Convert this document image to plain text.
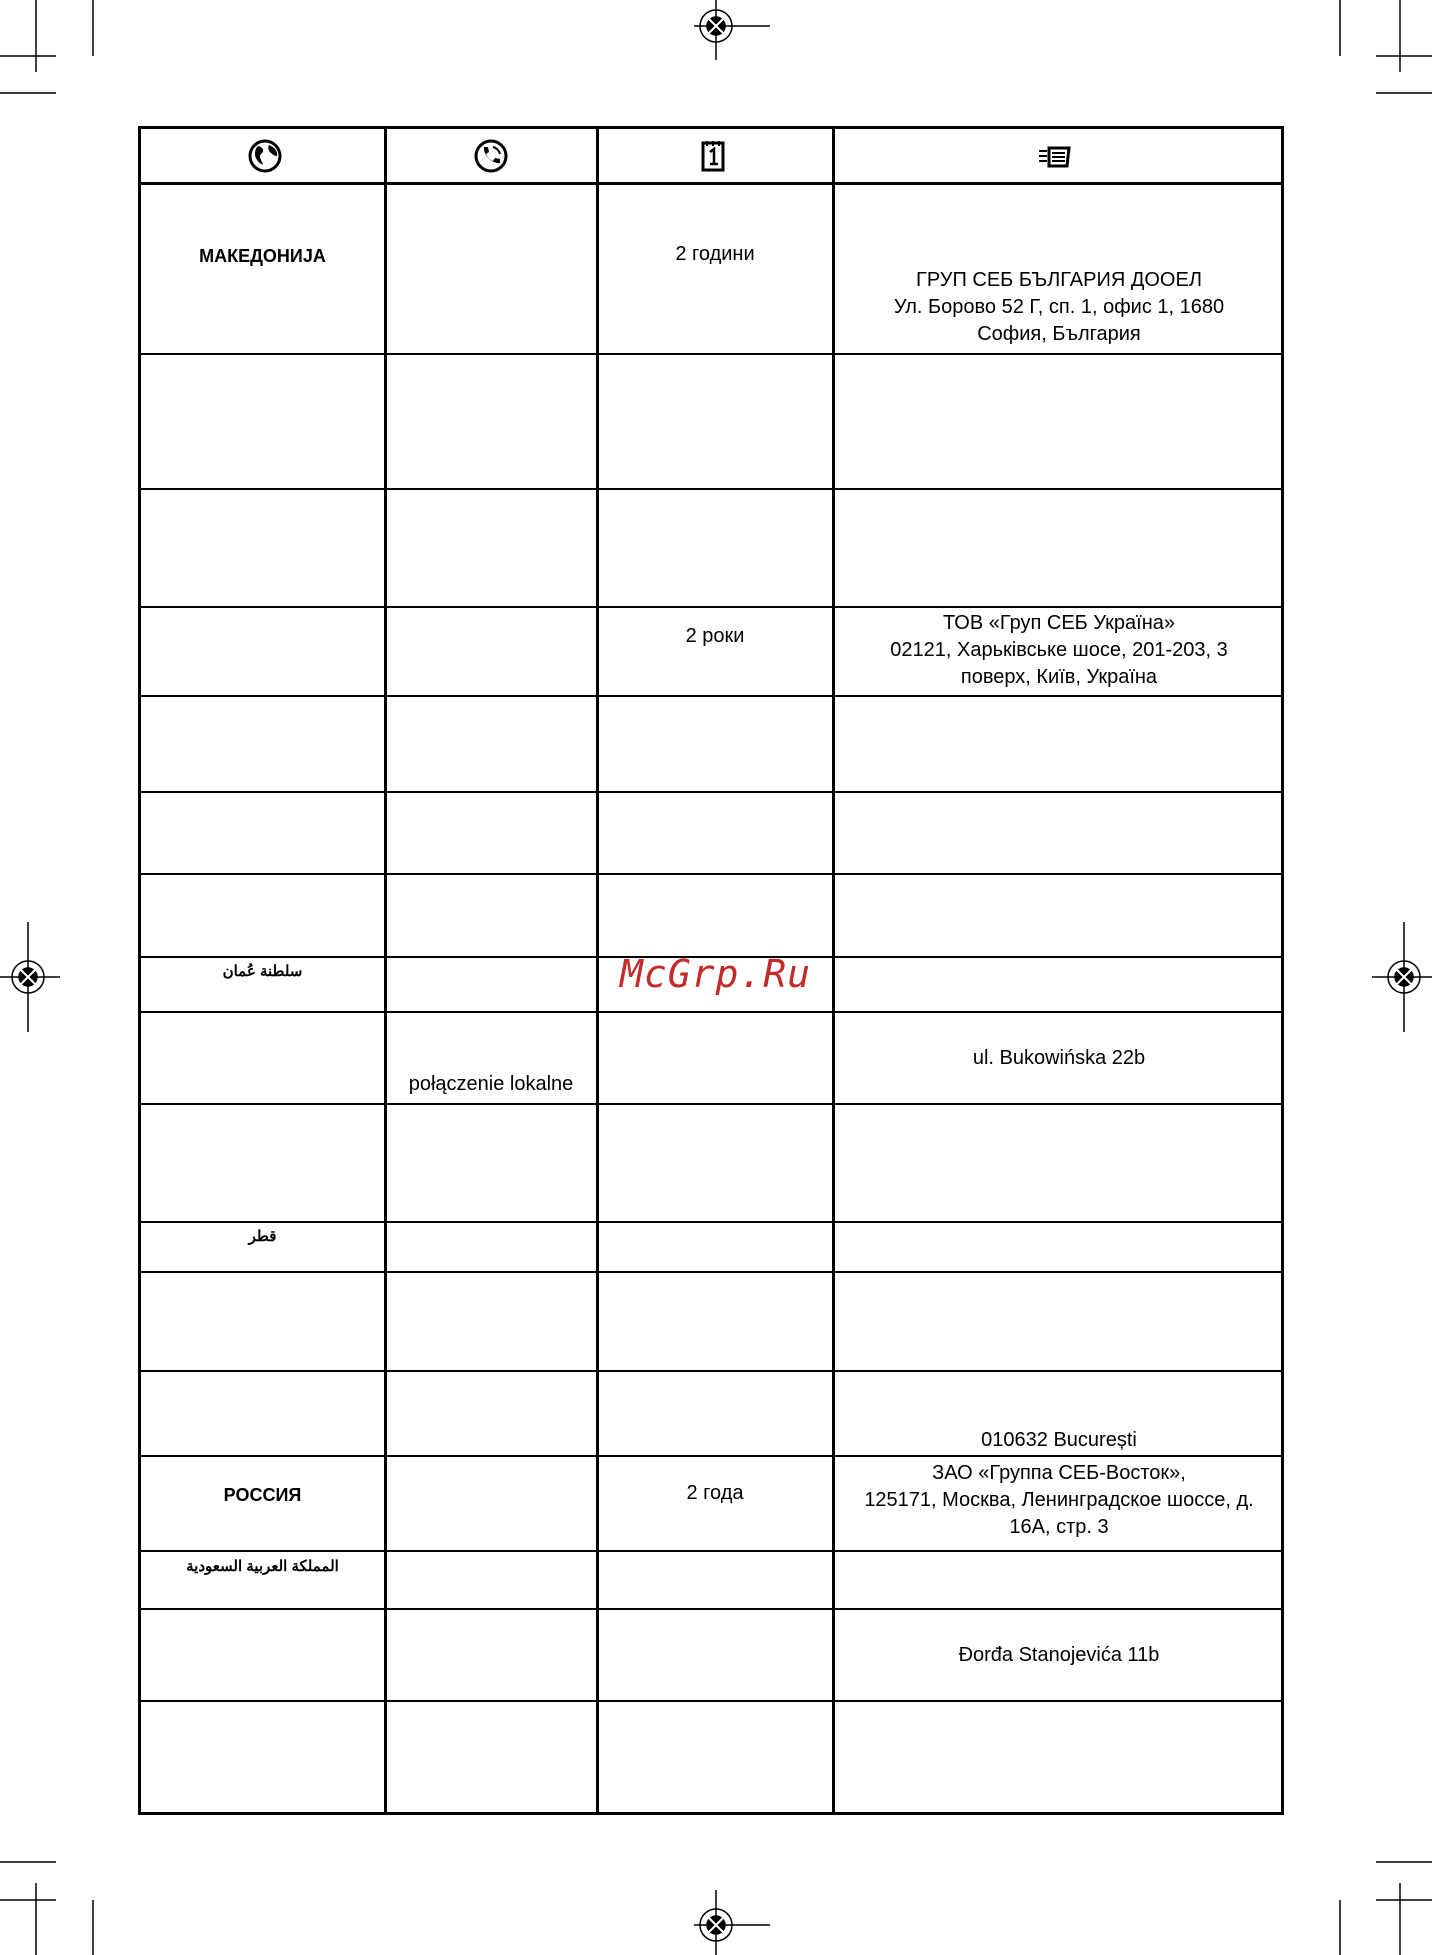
МАКЕДОНИЈА	2 години
ГРУП СЕБ БЪЛГАРИЯ ДООЕЛ
Ул. Борово 52 Г, сп. 1, офис 1, 1680
София, България
2 роки
ТОВ «Груп СЕБ Україна»
02121, Харьківське шосе, 201-203, 3
поверх, Київ, Україна
سلطنة عُمان
połączenie lokalne
ul. Bukowińska 22b
قطر
010632 București
РОССИЯ	2 года
ЗАО «Группа СЕБ-Восток»,
125171, Москва, Ленинградское шоссе, д.
16А, стр. 3
المملكة العربية السعودية
Đorđa Stanojevića 11b
McGrp.Ru
